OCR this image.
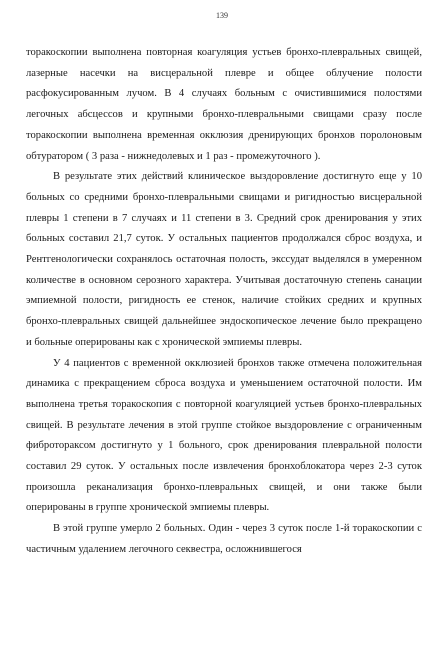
139

торакоскопии выполнена повторная коагуляция устьев бронхо-плевральных свищей, лазерные насечки на висцеральной плевре и общее облучение полости расфокусированным лучом. В 4 случаях больным с очистившимися полостями легочных абсцессов и крупными бронхо-плевральными свищами сразу после торакоскопии выполнена временная окклюзия дренирующих бронхов поролоновым обтуратором ( 3 раза - нижнедолевых и 1 раз - промежуточного ).

В результате этих действий клиническое выздоровление достигнуто еще у 10 больных со средними бронхо-плевральными свищами и ригидностью висцеральной плевры 1 степени в 7 случаях и 11 степени в 3. Средний срок дренирования у этих больных составил 21,7 суток. У остальных пациентов продолжался сброс воздуха, и Рентгенологически сохранялось остаточная полость, экссудат выделялся в умеренном количестве в основном серозного характера. Учитывая достаточную степень санации эмпиемной полости, ригидность ее стенок, наличие стойких средних и крупных бронхо-плевральных свищей дальнейшее эндоскопическое лечение было прекращено и больные оперированы как с хронической эмпиемы плевры.

У 4 пациентов с временной окклюзией бронхов также отмечена положительная динамика с прекращением сброса воздуха и уменьшением остаточной полости. Им выполнена третья торакоскопия с повторной коагуляцией устьев бронхо-плевральных свищей. В результате лечения в этой группе стойкое выздоровление с ограниченным фибротораксом достигнуто у 1 больного, срок дренирования плевральной полости составил 29 суток. У остальных после извлечения бронхоблокатора через 2-3 суток произошла реканализация бронхо-плевральных свищей, и они также были оперированы в группе хронической эмпиемы плевры.

В этой группе умерло 2 больных. Один - через 3 суток после 1-й торакоскопии с частичным удалением легочного секвестра, осложнившегося
